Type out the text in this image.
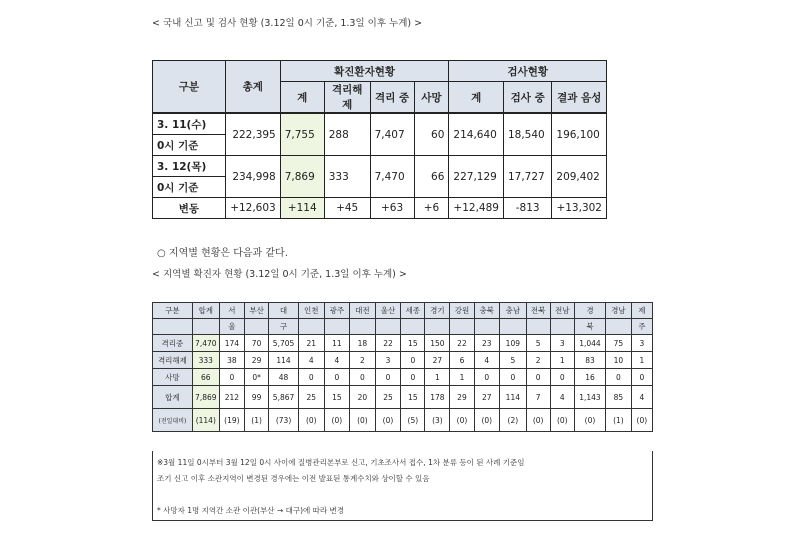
< 국내 신고 및 검사 현황 (3.12일 0시 기준, 1.3일 이후 누계) >
구분	총계	확진환자현황				검사현황		
		계	격리해제	격리 중	사망	계	검사 중	결과 음성
3. 11(수)	222,395	7,755	288	7,407	60	214,640	18,540	196,100
0시 기준								
3. 12(목)	234,998	7,869	333	7,470	66	227,129	17,727	209,402
0시 기준								
변동	+12,603	+114	+45	+63	+6	+12,489	-813	+13,302
○ 지역별 현황은 다음과 같다.
< 지역별 확진자 현황 (3.12일 0시 기준, 1.3일 이후 누계) >
구분	합계	서	부산	대	인천	광주	대전	울산	세종	경기	강원	충북	충남	전북	전남	경	경남	제
		울		구												북		주
격리중	7,470	174	70	5,705	21	11	18	22	15	150	22	23	109	5	3	1,044	75	3
격리해제	333	38	29	114	4	4	2	3	0	27	6	4	5	2	1	83	10	1
사망	66	0	0*	48	0	0	0	0	0	1	1	0	0	0	0	16	0	0
합계	7,869	212	99	5,867	25	15	20	25	15	178	29	27	114	7	4	1,143	85	4
(전일대비)	(114)	(19)	(1)	(73)	(0)	(0)	(0)	(0)	(5)	(3)	(0)	(0)	(2)	(0)	(0)	(0)	(1)	(0)
※3월 11일 0시부터 3월 12일 0시 사이에 질병관리본부로 신고, 기초조사서 접수, 1차 분류 등이 된 사례 기준임
조기 신고 이후 소관지역이 변경된 경우에는 이전 발표된 통계수치와 상이할 수 있음
* 사망자 1명 지역간 소관 이관(부산 → 대구)에 따라 변경
